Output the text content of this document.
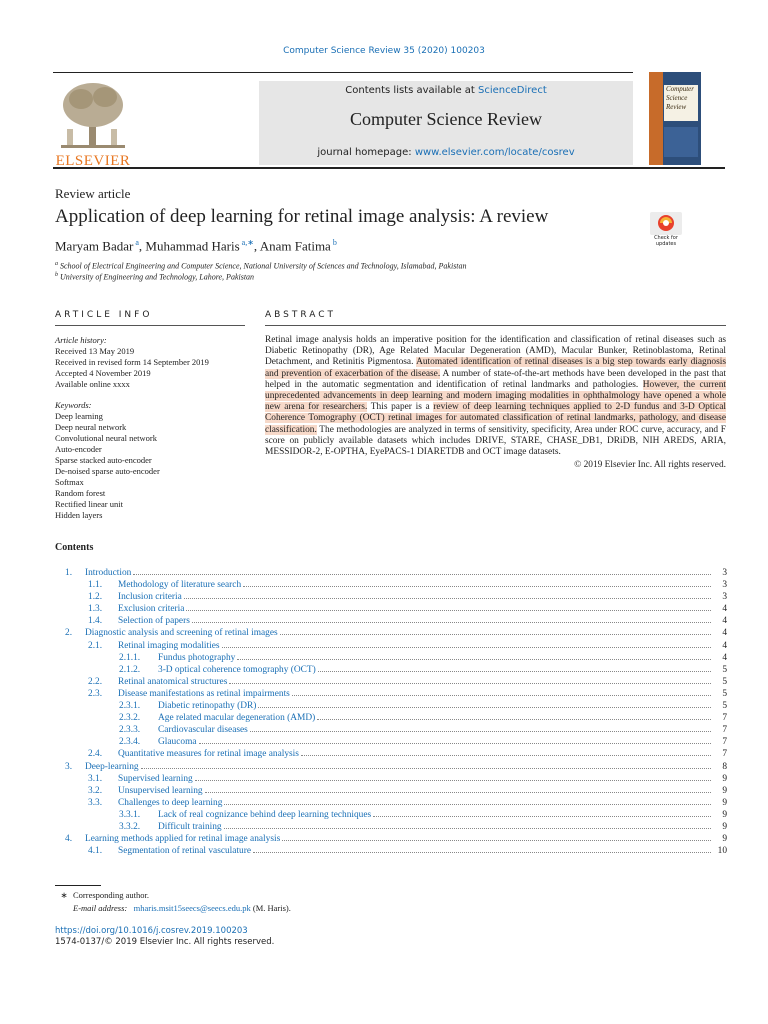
Computer Science Review 35 (2020) 100203
ELSEVIER
Contents lists available at ScienceDirect
Computer Science Review
journal homepage: www.elsevier.com/locate/cosrev
Computer
Science
Review
Review article
Application of deep learning for retinal image analysis: A review
Check for updates
Maryam Badar $^a$, Muhammad Haris $^{a,∗}$, Anam Fatima $^b$
$^a$ School of Electrical Engineering and Computer Science, National University of Sciences and Technology, Islamabad, Pakistan
$^b$ University of Engineering and Technology, Lahore, Pakistan
ARTICLE INFO	ABSTRACT
Article history:
Received 13 May 2019
Received in revised form 14 September 2019
Accepted 4 November 2019
Available online xxxx
Keywords:
Deep learning
Deep neural network
Convolutional neural network
Auto-encoder
Sparse stacked auto-encoder
De-noised sparse auto-encoder
Softmax
Random forest
Rectified linear unit
Hidden layers
Retinal image analysis holds an imperative position for the identification and classification of retinal diseases such as Diabetic Retinopathy (DR), Age Related Macular Degeneration (AMD), Macular Bunker, Retinoblastoma, Retinal Detachment, and Retinitis Pigmentosa. Automated identification of retinal diseases is a big step towards early diagnosis and prevention of exacerbation of the disease. A number of state-of-the-art methods have been developed in the past that helped in the automatic segmentation and identification of retinal landmarks and pathologies. However, the current unprecedented advancements in deep learning and modern imaging modalities in ophthalmology have opened a whole new arena for researchers. This paper is a review of deep learning techniques applied to 2-D fundus and 3-D Optical Coherence Tomography (OCT) retinal images for automated classification of retinal landmarks, pathology, and disease classification. The methodologies are analyzed in terms of sensitivity, specificity, Area under ROC curve, accuracy, and F score on publicly available datasets which includes DRIVE, STARE, CHASE_DB1, DRiDB, NIH AREDS, ARIA, MESSIDOR-2, E-OPTHA, EyePACS-1 DIARETDB and OCT image datasets.
© 2019 Elsevier Inc. All rights reserved.
Contents
1.	Introduction	3
1.1.	Methodology of literature search	3
1.2.	Inclusion criteria	3
1.3.	Exclusion criteria	4
1.4.	Selection of papers	4
2.	Diagnostic analysis and screening of retinal images	4
2.1.	Retinal imaging modalities	4
2.1.1.	Fundus photography	4
2.1.2.	3-D optical coherence tomography (OCT)	5
2.2.	Retinal anatomical structures	5
2.3.	Disease manifestations as retinal impairments	5
2.3.1.	Diabetic retinopathy (DR)	5
2.3.2.	Age related macular degeneration (AMD)	7
2.3.3.	Cardiovascular diseases	7
2.3.4.	Glaucoma	7
2.4.	Quantitative measures for retinal image analysis	7
3.	Deep-learning	8
3.1.	Supervised learning	9
3.2.	Unsupervised learning	9
3.3.	Challenges to deep learning	9
3.3.1.	Lack of real cognizance behind deep learning techniques	9
3.3.2.	Difficult training	9
4.	Learning methods applied for retinal image analysis	9
4.1.	Segmentation of retinal vasculature	10
∗ Corresponding author.
E-mail address: mharis.msit15seecs@seecs.edu.pk (M. Haris).
https://doi.org/10.1016/j.cosrev.2019.100203
1574-0137/© 2019 Elsevier Inc. All rights reserved.
